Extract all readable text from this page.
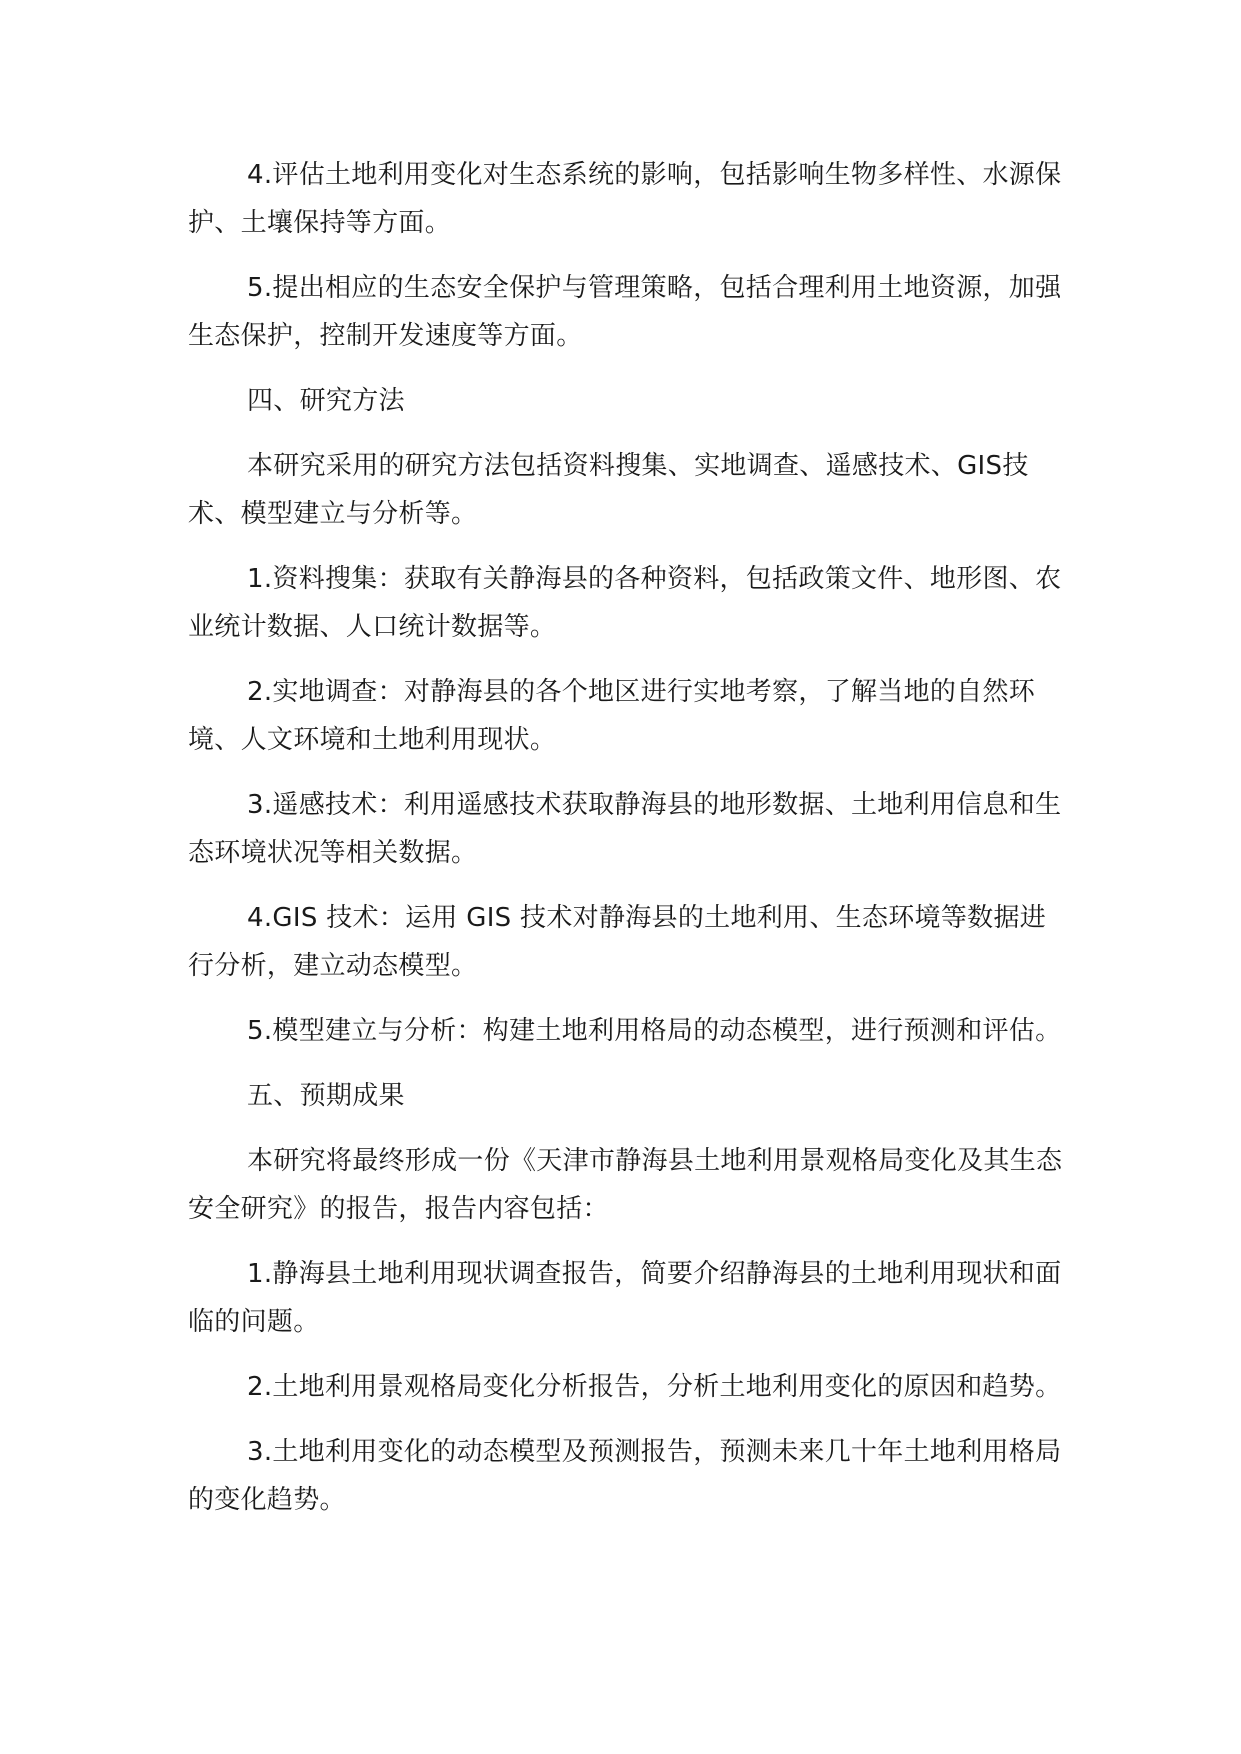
4.评估土地利用变化对生态系统的影响，包括影响生物多样性、水源保护、土壤保持等方面。

5.提出相应的生态安全保护与管理策略，包括合理利用土地资源，加强生态保护，控制开发速度等方面。

四、研究方法

本研究采用的研究方法包括资料搜集、实地调查、遥感技术、GIS技术、模型建立与分析等。

1.资料搜集：获取有关静海县的各种资料，包括政策文件、地形图、农业统计数据、人口统计数据等。

2.实地调查：对静海县的各个地区进行实地考察，了解当地的自然环境、人文环境和土地利用现状。

3.遥感技术：利用遥感技术获取静海县的地形数据、土地利用信息和生态环境状况等相关数据。

4.GIS 技术：运用 GIS 技术对静海县的土地利用、生态环境等数据进行分析，建立动态模型。

5.模型建立与分析：构建土地利用格局的动态模型，进行预测和评估。

五、预期成果

本研究将最终形成一份《天津市静海县土地利用景观格局变化及其生态安全研究》的报告，报告内容包括：

1.静海县土地利用现状调查报告，简要介绍静海县的土地利用现状和面临的问题。

2.土地利用景观格局变化分析报告，分析土地利用变化的原因和趋势。

3.土地利用变化的动态模型及预测报告，预测未来几十年土地利用格局的变化趋势。
